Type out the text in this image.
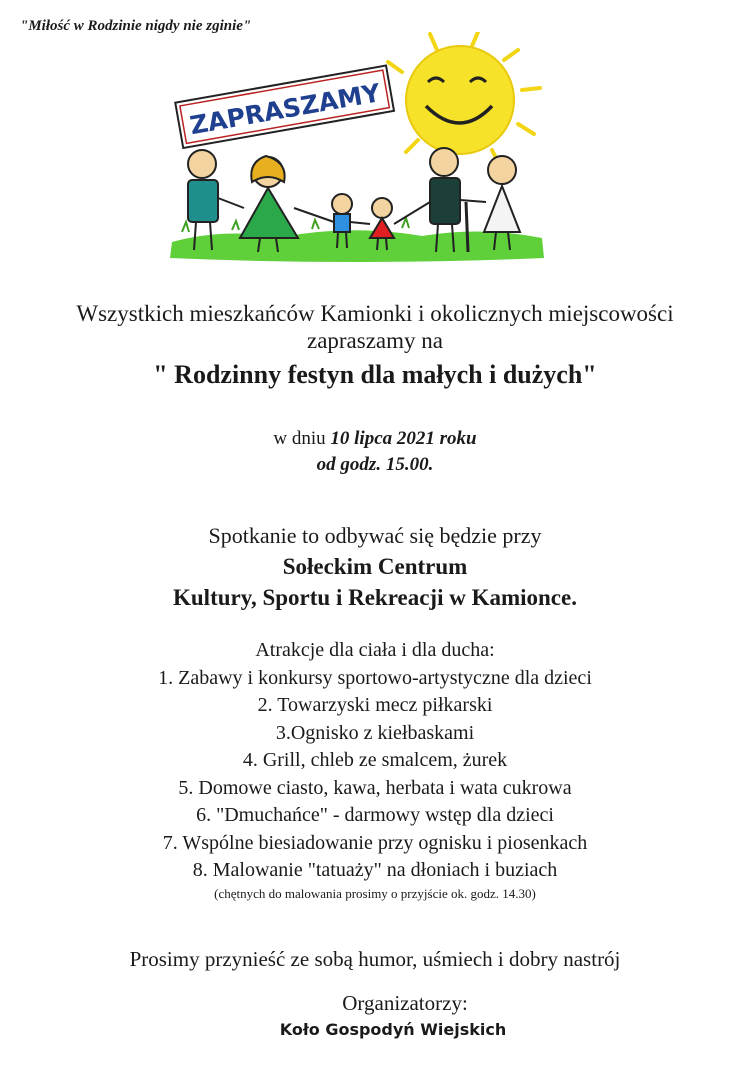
"Miłość w Rodzinie nigdy nie zginie"
ZAPRASZAMY
Wszystkich mieszkańców Kamionki i okolicznych miejscowości
zapraszamy na
" Rodzinny festyn dla małych i dużych"
w dniu 10 lipca 2021 roku
od godz. 15.00.
Spotkanie to odbywać się będzie przy
Sołeckim Centrum
Kultury, Sportu i Rekreacji w Kamionce.
Atrakcje dla ciała i dla ducha:
1. Zabawy i konkursy sportowo-artystyczne dla dzieci
2. Towarzyski mecz piłkarski
3.Ognisko z kiełbaskami
4. Grill, chleb ze smalcem, żurek
5. Domowe ciasto, kawa, herbata i wata cukrowa
6. "Dmuchańce" - darmowy wstęp dla dzieci
7. Wspólne biesiadowanie przy ognisku i piosenkach
8. Malowanie "tatuaży" na dłoniach i buziach
(chętnych do malowania prosimy o przyjście ok. godz. 14.30)
Prosimy przynieść ze sobą humor, uśmiech i dobry nastrój
Organizatorzy:
Koło Gospodyń Wiejskich
